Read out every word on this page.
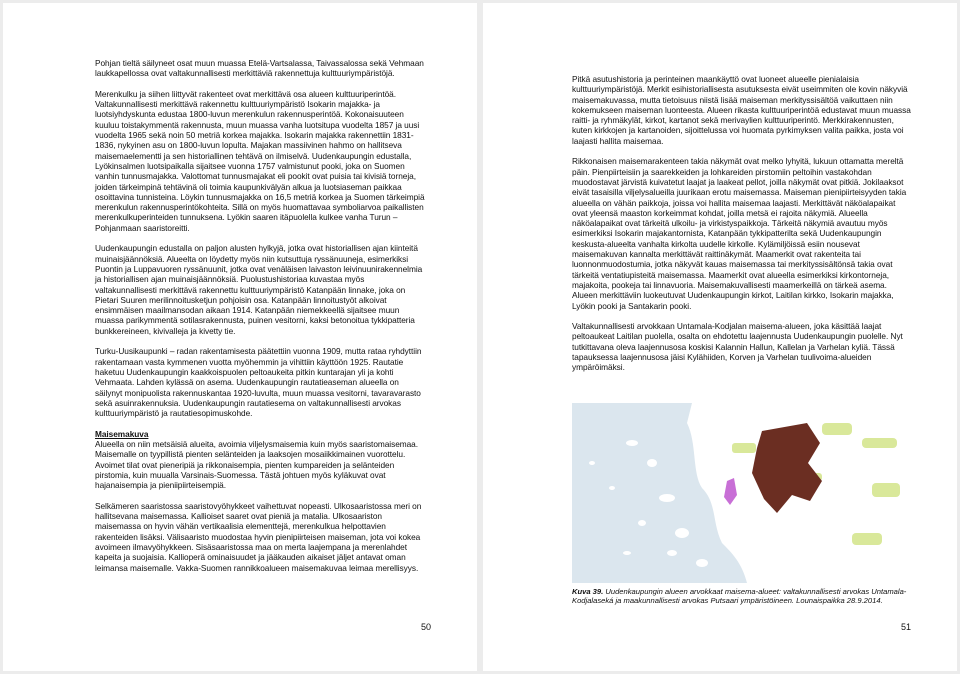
Pohjan tieltä säilyneet osat muun muassa Etelä-Vartsalassa, Taivassalossa sekä Vehmaan laukkapellossa ovat valtakunnallisesti merkittäviä rakennettuja kulttuuriympäristöjä.

Merenkulku ja siihen liittyvät rakenteet ovat merkittävä osa alueen kulttuuriperintöä. Valtakunnallisesti merkittävä rakennettu kulttuuriympäristö Isokarin majakka- ja luotsiyhdyskunta edustaa 1800-luvun merenkulun rakennusperintöä. Kokonaisuuteen kuuluu toistakymmentä rakennusta, muun muassa vanha luotsitupa vuodelta 1857 ja uusi vuodelta 1965 sekä noin 50 metriä korkea majakka. Isokarin majakka rakennettiin 1831-1836, nykyinen asu on 1800-luvun lopulta. Majakan massiivinen hahmo on hallitseva maisemaelementti ja sen historiallinen tehtävä on ilmiselvä. Uudenkaupungin edustalla, Lyökinsalmen luotsipaikalla sijaitsee vuonna 1757 valmistunut pooki, joka on Suomen vanhin tunnusmajakka. Valottomat tunnusmajakat eli pookit ovat puisia tai kivisiä torneja, joiden tärkeimpinä tehtävinä oli toimia kaupunkivälyän alkua ja luotsiaseman paikkaa osoittavina tunnisteina. Löykin tunnusmajakka on 16,5 metriä korkea ja Suomen tärkeimpiä merenkulun rakennusperintökohteita. Sillä on myös huomattavaa symboliarvoa paikallisten merenkulkuperinteiden tunnuksena. Lyökin saaren itäpuolella kulkee vanha Turun – Pohjanmaan saaristoreitti.

Uudenkaupungin edustalla on paljon alusten hylkyjä, jotka ovat historiallisen ajan kiinteitä muinaisjäännöksiä. Alueelta on löydetty myös niin kutsuttuja ryssänuuneja, esimerkiksi Puontin ja Luppavuoren ryssänuunit, jotka ovat venäläisen laivaston leivinuunirakennelmia ja historiallisen ajan muinaisjäännöksiä. Puolustushistoriaa kuvastaa myös valtakunnallisesti merkittävä rakennettu kulttuuriympäristö Katanpään linnake, joka on Pietari Suuren merilinnoitusketjun pohjoisin osa. Katanpään linnoitustyöt alkoivat ensimmäisen maailmansodan aikaan 1914. Katanpään niemekkeellä sijaitsee muun muassa parikymmentä sotilasrakennusta, puinen vesitorni, kaksi betonoitua tykkipatteria bunkkereineen, kivivalleja ja kivetty tie.

Turku-Uusikaupunki – radan rakentamisesta päätettiin vuonna 1909, mutta rataa ryhdyttiin rakentamaan vasta kymmenen vuotta myöhemmin ja vihittiin käyttöön 1925. Rautatie haketuu Uudenkaupungin kaakkoispuolen peltoaukeita pitkin kuntarajan yli ja kohti Vehmaata. Lahden kylässä on asema. Uudenkaupungin rautatieaseman alueella on säilynyt monipuolista rakennuskantaa 1920-luvulta, muun muassa vesitorni, tavaravarasto sekä asuinrakennuksia. Uudenkaupungin rautatiesema on valtakunnallisesti arvokas kulttuuriympäristö ja rautatiesopimuskohde.

Maisemakuva

Alueella on niin metsäisiä alueita, avoimia viljelysmaisemia kuin myös saaristomaisemaa. Maisemalle on tyypillistä pienten selänteiden ja laaksojen mosaiikkimainen vuorottelu. Avoimet tilat ovat pieneripiä ja rikkonaisempia, pienten kumpareiden ja selänteiden pirstomia, kuin muualla Varsinais-Suomessa. Tästä johtuen myös kyläkuvat ovat hajanaisempia ja pieniipiirteisempiä.

Selkämeren saaristossa saaristovyöhykkeet vaihettuvat nopeasti. Ulkosaaristossa meri on hallitsevana maisemassa. Kallioiset saaret ovat pieniä ja matalia. Ulkosaariston maisemassa on hyvin vähän vertikaalisia elementtejä, merenkulkua helpottavien rakenteiden lisäksi. Välisaaristo muodostaa hyvin pienipiirteisen maiseman, jota voi kokea avoimeen ilmavyöhykkeen. Sisäsaaristossa maa on merta laajempana ja merenlahdet kapeita ja suojaisia. Kallioperä ominaisuudet ja jääkauden aikaiset jäljet antavat oman leimansa maisemalle. Vakka-Suomen rannikkoalueen maisemakuvaa leimaa merellisyys.

50

Pitkä asutushistoria ja perinteinen maankäyttö ovat luoneet alueelle pienialaisia kulttuuriympäristöjä. Merkit esihistoriallisesta asutuksesta eivät useimmiten ole kovin näkyviä maisemakuvassa, mutta tietoisuus niistä lisää maiseman merkityssisältöä vaikuttaen niin kokemukseen maiseman luonteesta. Alueen rikasta kulttuuriperintöä edustavat muun muassa raitti- ja ryhmäkylät, kirkot, kartanot sekä merivaylien kulttuuriperintö. Merkkirakennusten, kuten kirkkojen ja kartanoiden, sijoittelussa voi huomata pyrkimyksen valita paikka, josta voi laajasti hallita maisemaa.

Rikkonaisen maisemarakenteen takia näkymät ovat melko lyhyitä, lukuun ottamatta mereltä päin. Pienpiirteisiin ja saarekkeiden ja lohkareiden pirstomiin peltoihin vastakohdan muodostavat järvistä kuivatetut laajat ja laakeat pellot, joilla näkymät ovat pitkiä. Jokilaaksot eivät tasaisilla viljelysalueilla juurikaan erotu maisemassa. Maiseman pienipiirteisyyden takia alueella on vähän paikkoja, joissa voi hallita maisemaa laajasti. Merkittävät näköalapaikat ovat yleensä maaston korkeimmat kohdat, joilla metsä ei rajoita näkymiä. Alueella näköalapaikat ovat tärkeitä ulkoilu- ja virkistyspaikkoja. Tärkeitä näkymiä avautuu myös esimerkiksi Isokarin majakantornista, Katanpään tykkipatterilta sekä Uudenkaupungin keskusta-alueelta vanhalta kirkolta uudelle kirkolle. Kylämiljöissä esiin nousevat maisemakuvan kannalta merkittävät raittinäkymät. Maamerkit ovat rakenteita tai luonnonmuodostumia, jotka näkyvät kauas maisemassa tai merkityssisältönsä takia ovat tärkeitä ventatiupisteitä maisemassa. Maamerkit ovat alueella esimerkiksi kirkontorneja, majakoita, pookeja tai linnavuoria. Maisemakuvallisesti maamerkeillä on tärkeä asema. Alueen merkittäviin luokeutuvat Uudenkaupungin kirkot, Laitilan kirkko, Isokarin majakka, Lyökin pooki ja Santakarin pooki.

Valtakunnallisesti arvokkaan Untamala-Kodjalan maisema-alueen, joka käsittää laajat peltoaukeat Laitilan puolella, osalta on ehdotettu laajennusta Uudenkaupungin puolelle. Nyt tutkittavana oleva laajennusosa koskisi Kalannin Hallun, Kallelan ja Varhelan kyliä. Tässä tapauksessa laajennusosa jäisi Kylähiiden, Korven ja Varhelan tuulivoima-alueiden ympäröimäksi.

Kuva 39. Uudenkaupungin alueen arvokkaat maisema-alueet: valtakunnallisesti arvokas Untamala-Kodjalaseká ja maakunnallisesti arvokas Putsaari ympäristöineen. Lounaispaikka 28.9.2014.
51
